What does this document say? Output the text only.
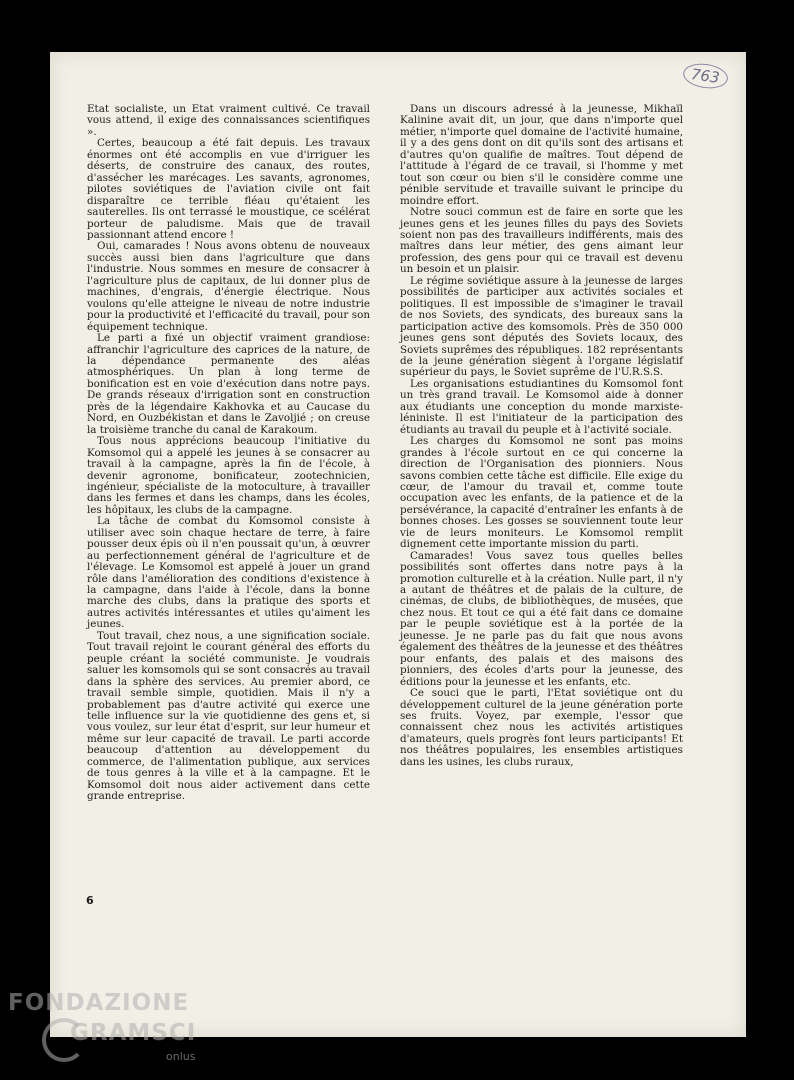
763

Etat socialiste, un Etat vraiment cultivé. Ce travail vous attend, il exige des connaissances scientifiques ».

Certes, beaucoup a été fait depuis. Les travaux énormes ont été accomplis en vue d'irriguer les déserts, de construire des canaux, des routes, d'assécher les marécages. Les savants, agronomes, pilotes soviétiques de l'aviation civile ont fait disparaître ce terrible fléau qu'étaient les sauterelles. Ils ont terrassé le moustique, ce scélérat porteur de paludisme. Mais que de travail passionnant attend encore !

Oui, camarades ! Nous avons obtenu de nouveaux succès aussi bien dans l'agriculture que dans l'industrie. Nous sommes en mesure de consacrer à l'agriculture plus de capitaux, de lui donner plus de machines, d'engrais, d'énergie électrique. Nous voulons qu'elle atteigne le niveau de notre industrie pour la productivité et l'efficacité du travail, pour son équipement technique.

Le parti a fixé un objectif vraiment grandiose: affranchir l'agriculture des caprices de la nature, de la dépendance permanente des aléas atmosphériques. Un plan à long terme de bonification est en voie d'exécution dans notre pays. De grands réseaux d'irrigation sont en construction près de la légendaire Kakhovka et au Caucase du Nord, en Ouzbékistan et dans le Zavoljié ; on creuse la troisième tranche du canal de Karakoum.

Tous nous apprécions beaucoup l'initiative du Komsomol qui a appelé les jeunes à se consacrer au travail à la campagne, après la fin de l'école, à devenir agronome, bonificateur, zootechnicien, ingénieur, spécialiste de la motoculture, à travailler dans les fermes et dans les champs, dans les écoles, les hôpitaux, les clubs de la campagne.

La tâche de combat du Komsomol consiste à utiliser avec soin chaque hectare de terre, à faire pousser deux épis où il n'en poussait qu'un, à œuvrer au perfectionnement général de l'agriculture et de l'élevage. Le Komsomol est appelé à jouer un grand rôle dans l'amélioration des conditions d'existence à la campagne, dans l'aide à l'école, dans la bonne marche des clubs, dans la pratique des sports et autres activités intéressantes et utiles qu'aiment les jeunes.

Tout travail, chez nous, a une signification sociale. Tout travail rejoint le courant général des efforts du peuple créant la société communiste. Je voudrais saluer les komsomols qui se sont consacrés au travail dans la sphère des services. Au premier abord, ce travail semble simple, quotidien. Mais il n'y a probablement pas d'autre activité qui exerce une telle influence sur la vie quotidienne des gens et, si vous voulez, sur leur état d'esprit, sur leur humeur et même sur leur capacité de travail. Le parti accorde beaucoup d'attention au développement du commerce, de l'alimentation publique, aux services de tous genres à la ville et à la campagne. Et le Komsomol doit nous aider activement dans cette grande entreprise.

Dans un discours adressé à la jeunesse, Mikhaïl Kalinine avait dit, un jour, que dans n'importe quel métier, n'importe quel domaine de l'activité humaine, il y a des gens dont on dit qu'ils sont des artisans et d'autres qu'on qualifie de maîtres. Tout dépend de l'attitude à l'égard de ce travail, si l'homme y met tout son cœur ou bien s'il le considère comme une pénible servitude et travaille suivant le principe du moindre effort.

Notre souci commun est de faire en sorte que les jeunes gens et les jeunes filles du pays des Soviets soient non pas des travailleurs indifférents, mais des maîtres dans leur métier, des gens aimant leur profession, des gens pour qui ce travail est devenu un besoin et un plaisir.

Le régime soviétique assure à la jeunesse de larges possibilités de participer aux activités sociales et politiques. Il est impossible de s'imaginer le travail de nos Soviets, des syndicats, des bureaux sans la participation active des komsomols. Près de 350 000 jeunes gens sont députés des Soviets locaux, des Soviets suprêmes des républiques. 182 représentants de la jeune génération siègent à l'organe législatif supérieur du pays, le Soviet suprême de l'U.R.S.S.

Les organisations estudiantines du Komsomol font un très grand travail. Le Komsomol aide à donner aux étudiants une conception du monde marxiste-léniniste. Il est l'initiateur de la participation des étudiants au travail du peuple et à l'activité sociale.

Les charges du Komsomol ne sont pas moins grandes à l'école surtout en ce qui concerne la direction de l'Organisation des pionniers. Nous savons combien cette tâche est difficile. Elle exige du cœur, de l'amour du travail et, comme toute occupation avec les enfants, de la patience et de la persévérance, la capacité d'entraîner les enfants à de bonnes choses. Les gosses se souviennent toute leur vie de leurs moniteurs. Le Komsomol remplit dignement cette importante mission du parti.

Camarades! Vous savez tous quelles belles possibilités sont offertes dans notre pays à la promotion culturelle et à la création. Nulle part, il n'y a autant de théâtres et de palais de la culture, de cinémas, de clubs, de bibliothèques, de musées, que chez nous. Et tout ce qui a été fait dans ce domaine par le peuple soviétique est à la portée de la jeunesse. Je ne parle pas du fait que nous avons également des théâtres de la jeunesse et des théâtres pour enfants, des palais et des maisons des pionniers, des écoles d'arts pour la jeunesse, des éditions pour la jeunesse et les enfants, etc.

Ce souci que le parti, l'Etat soviétique ont du développement culturel de la jeune génération porte ses fruits. Voyez, par exemple, l'essor que connaissent chez nous les activités artistiques d'amateurs, quels progrès font leurs participants! Et nos théâtres populaires, les ensembles artistiques dans les usines, les clubs ruraux,

6
FONDAZIONE
GRAMSCI
onlus
